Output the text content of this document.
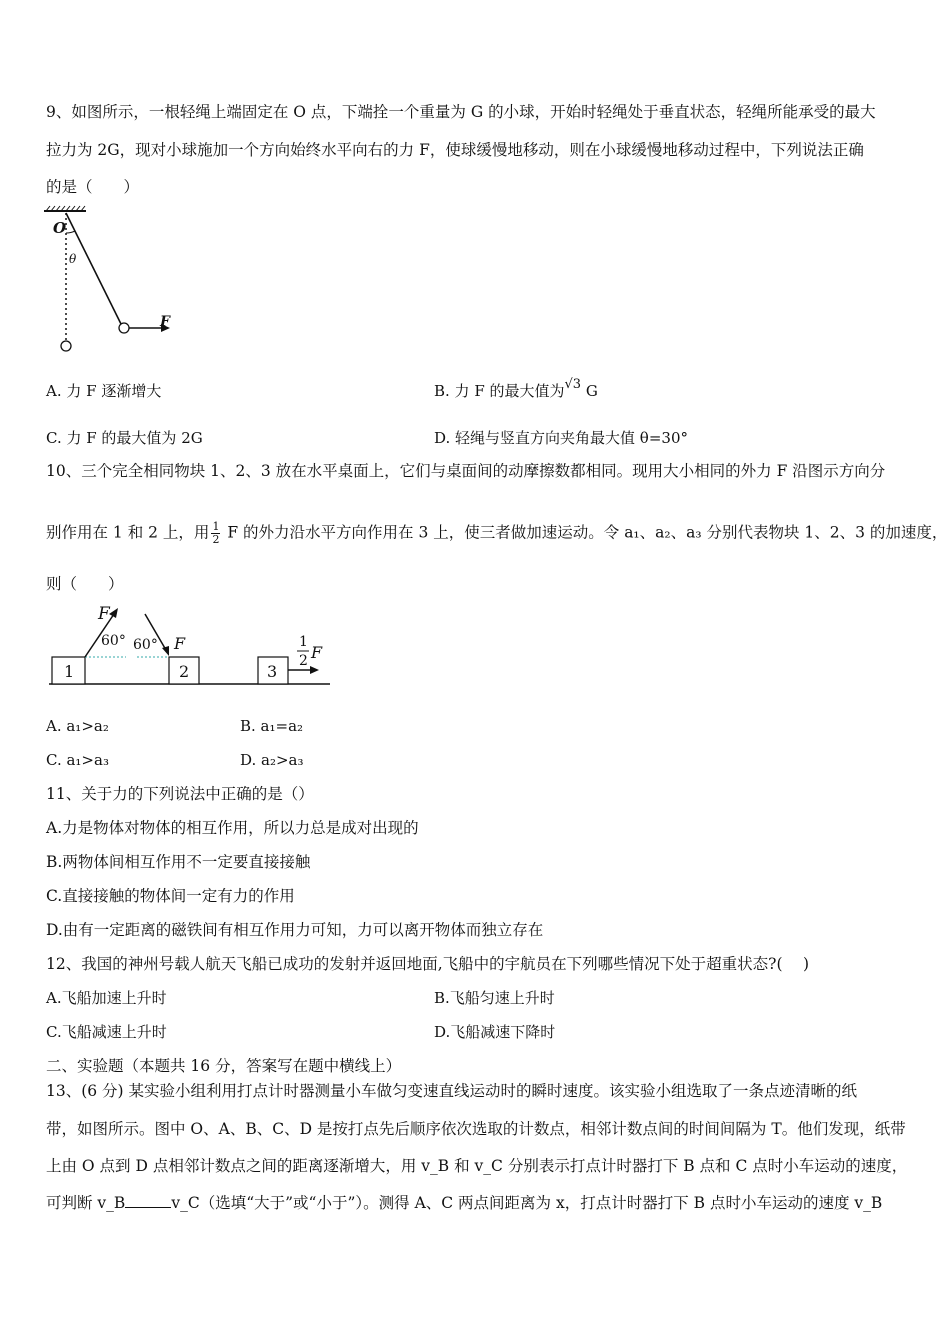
9、如图所示，一根轻绳上端固定在 O 点，下端拴一个重量为 G 的小球，开始时轻绳处于垂直状态，轻绳所能承受的最大
拉力为 2G，现对小球施加一个方向始终水平向右的力 F，使球缓慢地移动，则在小球缓慢地移动过程中，下列说法正确
的是（　　）
O
θ
F
A. 力 F 逐渐增大	B. 力 F 的最大值为√3 G
C. 力 F 的最大值为 2G	D. 轻绳与竖直方向夹角最大值 θ=30°
10、三个完全相同物块 1、2、3 放在水平桌面上，它们与桌面间的动摩擦数都相同。现用大小相同的外力 F 沿图示方向分
别作用在 1 和 2 上，用 $\frac{1}{2}$ F 的外力沿水平方向作用在 3 上，使三者做加速运动。令 a₁、a₂、a₃ 分别代表物块 1、2、3 的加速度，
则（　　）
F
60° 60° F
1	2	3
1
2 F
A. a₁>a₂	B. a₁=a₂
C. a₁>a₃	D. a₂>a₃
11、关于力的下列说法中正确的是（）
A.力是物体对物体的相互作用，所以力总是成对出现的
B.两物体间相互作用不一定要直接接触
C.直接接触的物体间一定有力的作用
D.由有一定距离的磁铁间有相互作用力可知，力可以离开物体而独立存在
12、我国的神州号载人航天飞船已成功的发射并返回地面,飞船中的宇航员在下列哪些情况下处于超重状态?(　 )
A.飞船加速上升时	B.飞船匀速上升时
C.飞船减速上升时	D.飞船减速下降时
二、实验题（本题共 16 分，答案写在题中横线上）
13、(6 分) 某实验小组利用打点计时器测量小车做匀变速直线运动时的瞬时速度。该实验小组选取了一条点迹清晰的纸
带，如图所示。图中 O、A、B、C、D 是按打点先后顺序依次选取的计数点，相邻计数点间的时间间隔为 T。他们发现，纸带
上由 O 点到 D 点相邻计数点之间的距离逐渐增大，用 v_B 和 v_C 分别表示打点计时器打下 B 点和 C 点时小车运动的速度，
可判断 v_B	v_C（选填“大于”或“小于”）。测得 A、C 两点间距离为 x，打点计时器打下 B 点时小车运动的速度 v_B
